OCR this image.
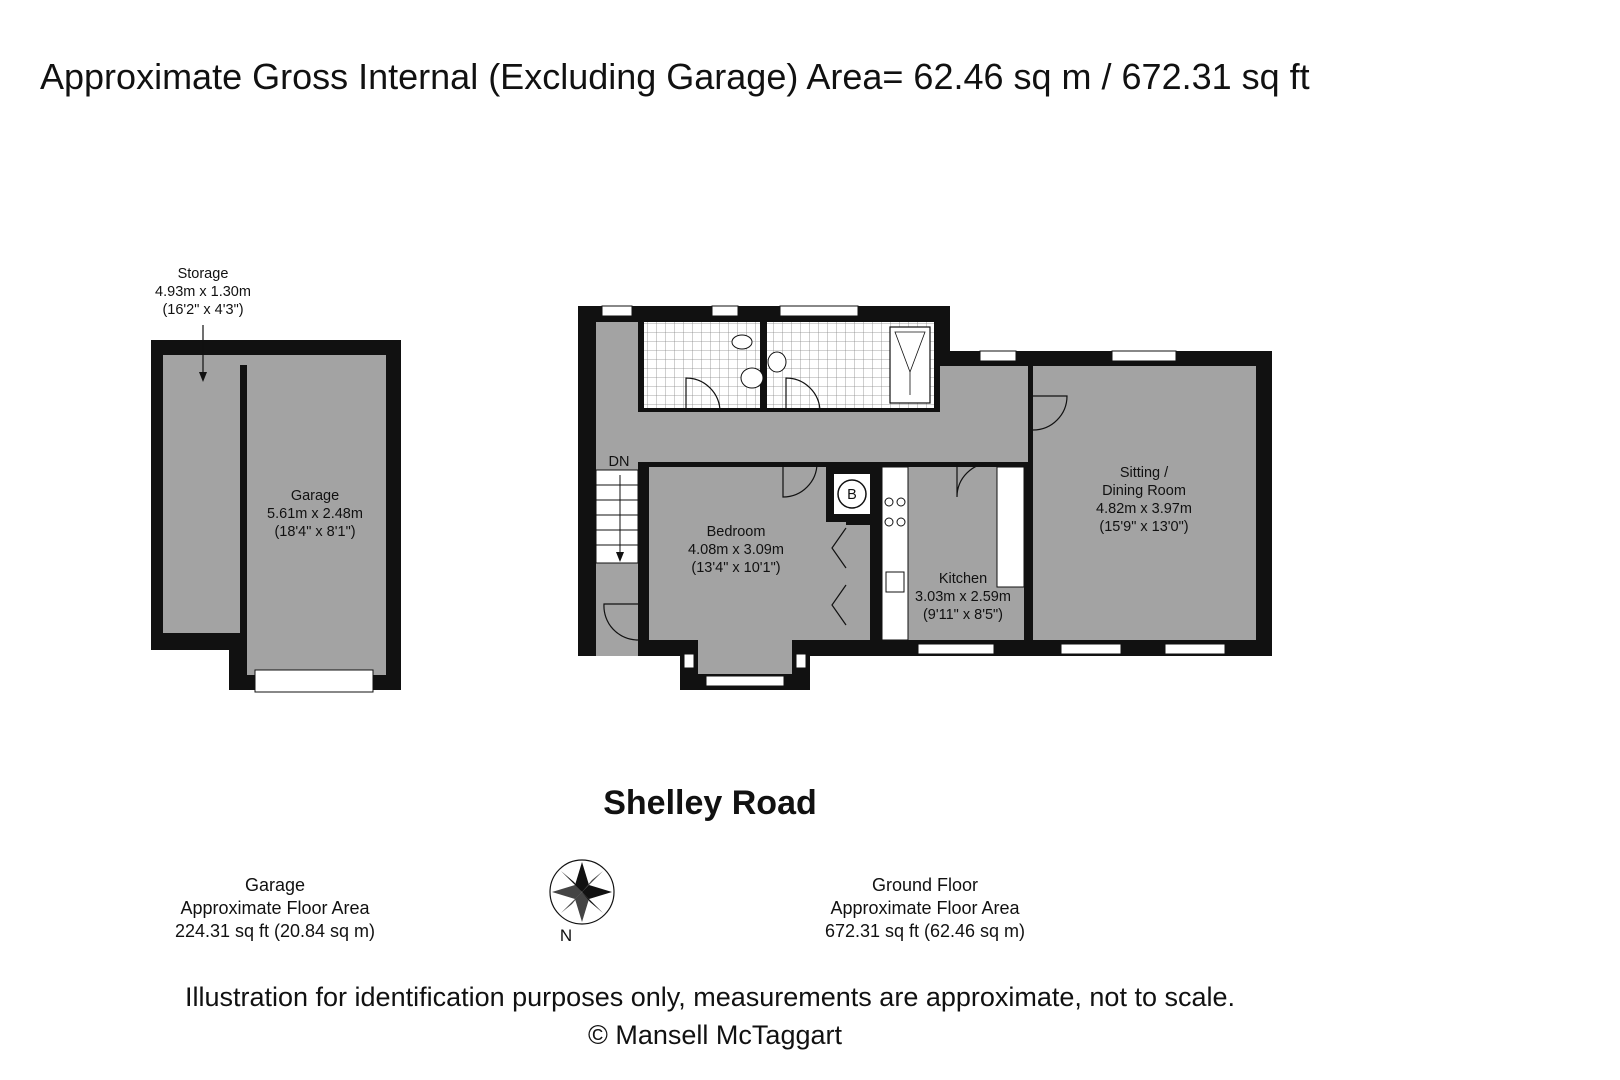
Approximate Gross Internal (Excluding Garage) Area= 62.46 sq m / 672.31 sq ft
Storage
4.93m x 1.30m
(16'2" x 4'3")
Garage
5.61m x 2.48m
(18'4" x 8'1")
DN
B
Bedroom
4.08m x 3.09m
(13'4" x 10'1")
Kitchen
3.03m x 2.59m
(9'11" x 8'5")
Sitting /
Dining Room
4.82m x 3.97m
(15'9" x 13'0")
N
Shelley Road
Garage
Approximate Floor Area
224.31 sq ft (20.84 sq m)
Ground Floor
Approximate Floor Area
672.31 sq ft (62.46 sq m)
Illustration for identification purposes only, measurements are approximate, not to scale.
© Mansell McTaggart
